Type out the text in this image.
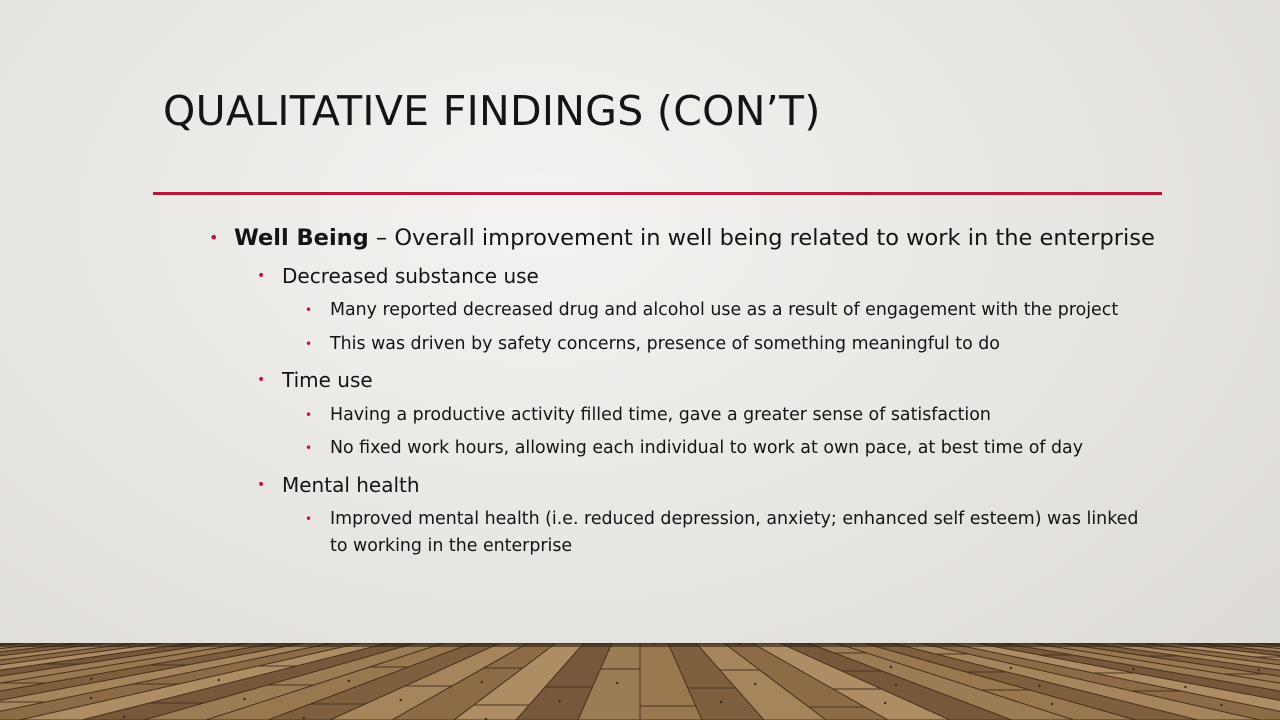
QUALITATIVE FINDINGS (CON’T)
• Well Being – Overall improvement in well being related to work in the enterprise
• Decreased substance use
• Many reported decreased drug and alcohol use as a result of engagement with the project
• This was driven by safety concerns, presence of something meaningful to do
• Time use
• Having a productive activity filled time, gave a greater sense of satisfaction
• No fixed work hours, allowing each individual to work at own pace, at best time of day
• Mental health
• Improved mental health (i.e. reduced depression, anxiety; enhanced self esteem) was linked
to working in the enterprise
